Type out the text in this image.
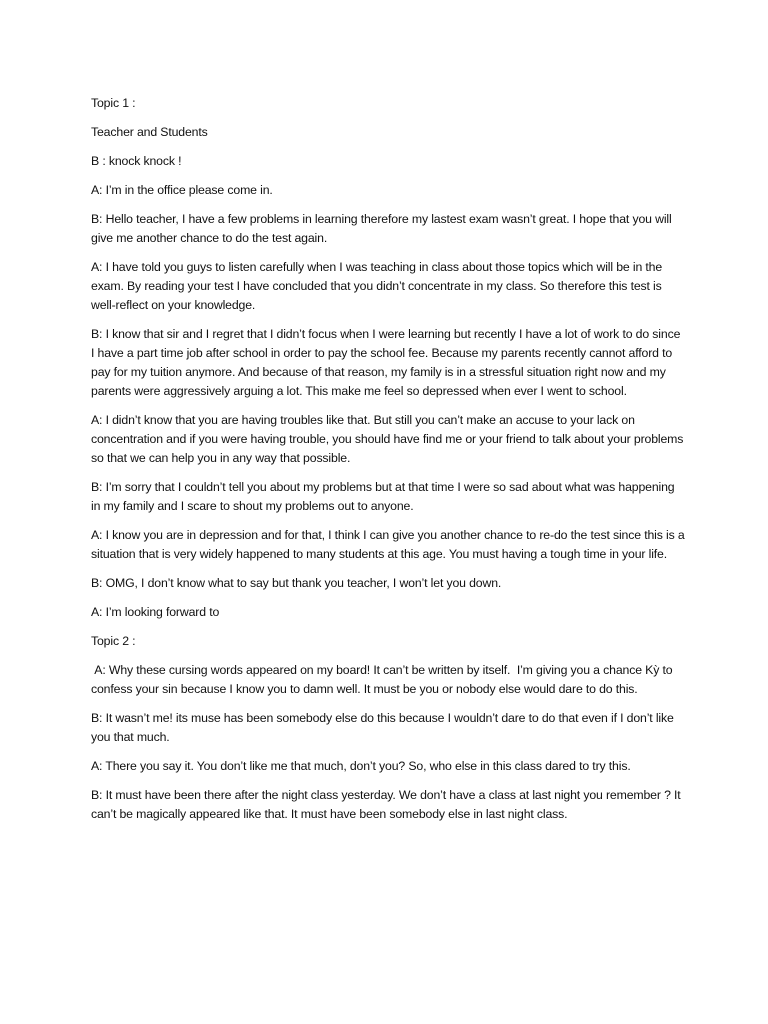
Topic 1 :

Teacher and Students

B : knock knock !

A: I’m in the office please come in.

B: Hello teacher, I have a few problems in learning therefore my lastest exam wasn’t great. I hope that you will give me another chance to do the test again.

A: I have told you guys to listen carefully when I was teaching in class about those topics which will be in the exam. By reading your test I have concluded that you didn’t concentrate in my class. So therefore this test is well-reflect on your knowledge.

B: I know that sir and I regret that I didn’t focus when I were learning but recently I have a lot of work to do since I have a part time job after school in order to pay the school fee. Because my parents recently cannot afford to pay for my tuition anymore. And because of that reason, my family is in a stressful situation right now and my parents were aggressively arguing a lot. This make me feel so depressed when ever I went to school.

A: I didn’t know that you are having troubles like that. But still you can’t make an accuse to your lack on concentration and if you were having trouble, you should have find me or your friend to talk about your problems so that we can help you in any way that possible.

B: I’m sorry that I couldn’t tell you about my problems but at that time I were so sad about what was happening in my family and I scare to shout my problems out to anyone.

A: I know you are in depression and for that, I think I can give you another chance to re-do the test since this is a situation that is very widely happened to many students at this age. You must having a tough time in your life.

B: OMG, I don’t know what to say but thank you teacher, I won’t let you down.

A: I’m looking forward to

Topic 2 :

A: Why these cursing words appeared on my board! It can’t be written by itself.  I’m giving you a chance Kỳ to confess your sin because I know you to damn well. It must be you or nobody else would dare to do this.

B: It wasn’t me! its muse has been somebody else do this because I wouldn’t dare to do that even if I don’t like you that much.

A: There you say it. You don’t like me that much, don’t you? So, who else in this class dared to try this.

B: It must have been there after the night class yesterday. We don’t have a class at last night you remember ? It can’t be magically appeared like that. It must have been somebody else in last night class.
